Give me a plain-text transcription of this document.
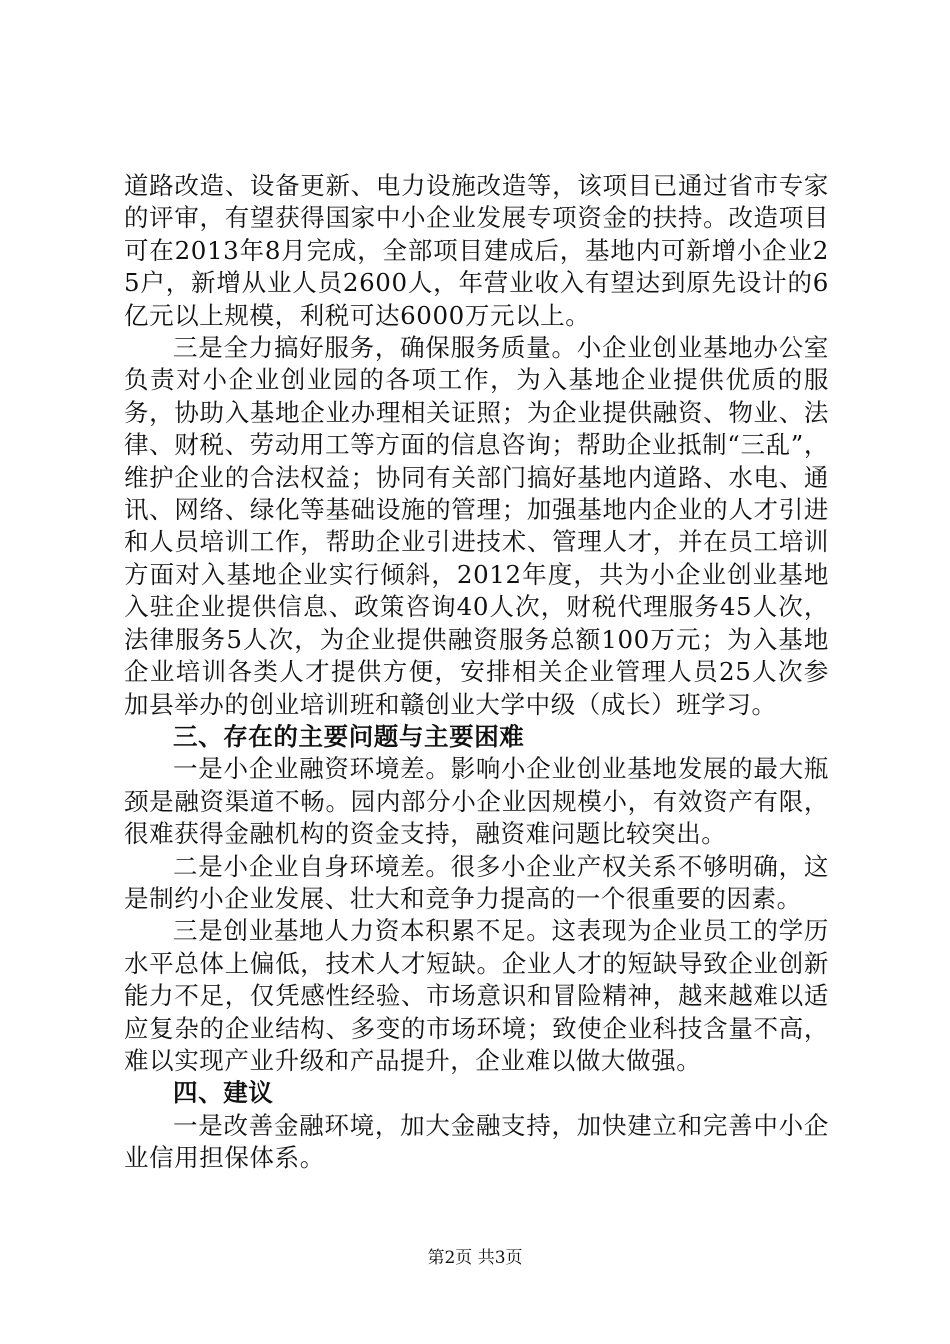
道路改造、设备更新、电力设施改造等，该项目已通过省市专家的评审，有望获得国家中小企业发展专项资金的扶持。改造项目可在2013年8月完成，全部项目建成后，基地内可新增小企业25户，新增从业人员2600人，年营业收入有望达到原先设计的6亿元以上规模，利税可达6000万元以上。

三是全力搞好服务，确保服务质量。小企业创业基地办公室负责对小企业创业园的各项工作，为入基地企业提供优质的服务，协助入基地企业办理相关证照；为企业提供融资、物业、法律、财税、劳动用工等方面的信息咨询；帮助企业抵制“三乱”，维护企业的合法权益；协同有关部门搞好基地内道路、水电、通讯、网络、绿化等基础设施的管理；加强基地内企业的人才引进和人员培训工作，帮助企业引进技术、管理人才，并在员工培训方面对入基地企业实行倾斜，2012年度，共为小企业创业基地入驻企业提供信息、政策咨询40人次，财税代理服务45人次，法律服务5人次，为企业提供融资服务总额100万元；为入基地企业培训各类人才提供方便，安排相关企业管理人员25人次参加县举办的创业培训班和赣创业大学中级（成长）班学习。

三、存在的主要问题与主要困难

一是小企业融资环境差。影响小企业创业基地发展的最大瓶颈是融资渠道不畅。园内部分小企业因规模小，有效资产有限，很难获得金融机构的资金支持，融资难问题比较突出。

二是小企业自身环境差。很多小企业产权关系不够明确，这是制约小企业发展、壮大和竞争力提高的一个很重要的因素。

三是创业基地人力资本积累不足。这表现为企业员工的学历水平总体上偏低，技术人才短缺。企业人才的短缺导致企业创新能力不足，仅凭感性经验、市场意识和冒险精神，越来越难以适应复杂的企业结构、多变的市场环境；致使企业科技含量不高，难以实现产业升级和产品提升，企业难以做大做强。

四、建议

一是改善金融环境，加大金融支持，加快建立和完善中小企业信用担保体系。

第2页 共3页
